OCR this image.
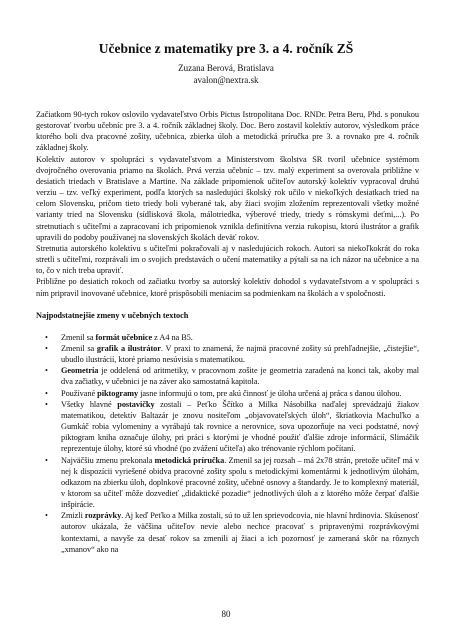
Učebnice z matematiky pre 3. a 4. ročník ZŠ
Zuzana Berová, Bratislava
avalon@nextra.sk

Začiatkom 90-tych rokov oslovilo vydavateľstvo Orbis Pictus Istropolitana Doc. RNDr. Petra Beru, Phd. s ponukou gestorovať tvorbu učebníc pre 3. a 4. ročník základnej školy. Doc. Bero zostavil kolektív autorov, výsledkom práce ktorého boli dva pracovné zošity, učebnica, zbierka úloh a metodická príručka pre 3. a rovnako pre 4. ročník základnej školy.

Kolektív autorov v spolupráci s vydavateľstvom a Ministerstvom školstva SR tvoril učebnice systémom dvojročného overovania priamo na školách. Prvá verzia učebníc – tzv. malý experiment sa overovala približne v desiatich triedach v Bratislave a Martine. Na základe pripomienok učiteľov autorský kolektív vypracoval druhú verziu – tzv. veľký experiment, podľa ktorých sa nasledujúci školský rok učilo v niekoľkých desiatkach tried na celom Slovensku, pričom tieto triedy boli vyberané tak, aby žiaci svojím zložením reprezentovali všetky možné varianty tried na Slovensku (sídlisková škola, málotriedka, výberové triedy, triedy s rómskymi deťmi,...). Po stretnutiach s učiteľmi a zapracovaní ich pripomienok vznikla definitívna verzia rukopisu, ktorú ilustrátor a grafik upravili do podoby používanej na slovenských školách deväť rokov.

Stretnutia autorského kolektívu s učiteľmi pokračovali aj v nasledujúcich rokoch. Autori sa niekoľkokrát do roka stretli s učiteľmi, rozprávali im o svojich predstavách o učení matematiky a pýtali sa na ich názor na učebnice a na to, čo v nich treba upraviť.

Približne po desiatich rokoch od začiatku tvorby sa autorský kolektív dohodol s vydavateľstvom a v spolupráci s ním pripravil inovované učebnice, ktoré prispôsobili meniacim sa podmienkam na školách a v spoločnosti.

Najpodstatnejšie zmeny v učebných textoch

• Zmenil sa formát učebnice z A4 na B5.
• Zmenil sa grafik a ilustrátor. V praxi to znamená, že najmä pracovné zošity sú prehľadnejšie, „čistejšie“, ubudlo ilustrácií, ktoré priamo nesúvisia s matematikou.
• Geometria je oddelená od aritmetiky, v pracovnom zošite je geometria zaradená na konci tak, akoby mal dva začiatky, v učebnici je na záver ako samostatná kapitola.
• Používané piktogramy jasne informujú o tom, pre akú činnosť je úloha určená aj práca s danou úlohou.
• Všetky hlavné postavičky zostali – Peťko Ščítko a Milka Násobilka naďalej sprevádzajú žiakov matematikou, detektív Baltazár je znovu nositeľom „objavovateľských úloh“, škriatkovia Machuľko a Gumkáč robia vylomeniny a vyrábajú tak rovnice a nerovnice, sova upozorňuje na veci podstatné, nový piktogram kniha označuje úlohy, pri práci s ktorými je vhodné použiť ďalšie zdroje informácií, Slimáčik reprezentuje úlohy, ktoré sú vhodné (po zvážení učiteľa) ako trénovanie rýchlom počítaní.
• Najväčšiu zmenu prekonala metodická príručka. Zmenil sa jej rozsah – má 2x78 strán, pretože učiteľ má v nej k dispozícii vyriešené obidva pracovné zošity spolu s metodickými komentármi k jednotlivým úlohám, odkazom na zbierku úloh, doplnkové pracovné zošity, učebné osnovy a štandardy. Je to komplexný materiál, v ktorom sa učiteľ môže dozvedieť „didaktické pozadie“ jednotlivých úloh a z ktorého môže čerpať ďalšie inšpirácie.
• Zmizli rozprávky. Aj keď Peťko a Milka zostali, sú to už len sprievodcovia, nie hlavní hrdinovia. Skúsenosť autorov ukázala, že väčšina učiteľov nevie alebo nechce pracovať s pripravenými rozprávkovými kontextami, a navyše za desať rokov sa zmenili aj žiaci a ich pozornosť je zameraná skôr na rôznych „xmanov“ ako na
80
